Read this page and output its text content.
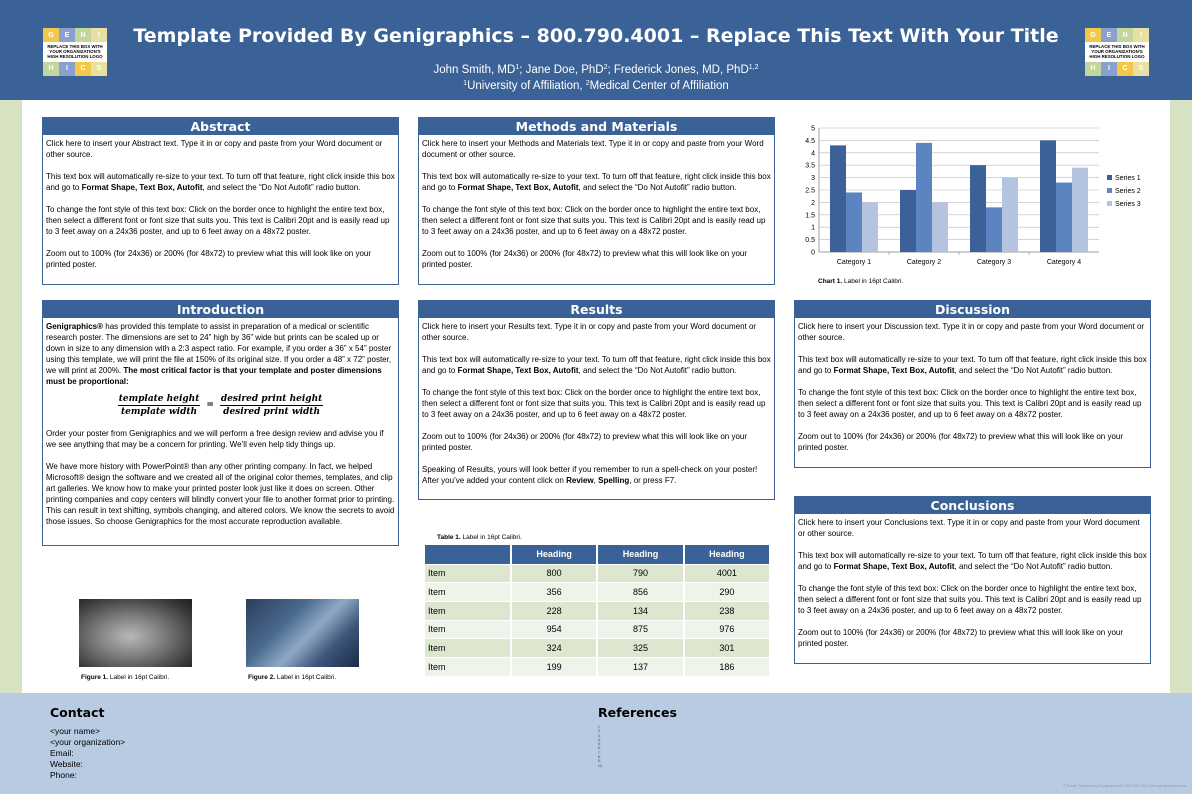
G	E	N	I
REPLACE THIS BOX WITH YOUR ORGANIZATION'S HIGH RESOLUTION LOGO
H	I	C	S
Template Provided By Genigraphics – 800.790.4001 – Replace This Text With Your Title
John Smith, $MD^1$; Jane Doe, PhD$^2$; Frederick Jones, MD, PhD$^{1,2}$
$^1$University of Affiliation, $^2$Medical Center of Affiliation
G	E	N	I
REPLACE THIS BOX WITH YOUR ORGANIZATION'S HIGH RESOLUTION LOGO
H	I	C	S
Abstract

Click here to insert your Abstract text. Type it in or copy and paste from your Word document or other source.

This text box will automatically re-size to your text. To turn off that feature, right click inside this box and go to Format Shape, Text Box, Autofit, and select the “Do Not Autofit” radio button.

To change the font style of this text box: Click on the border once to highlight the entire text box, then select a different font or font size that suits you. This text is Calibri 20pt and is easily read up to 3 feet away on a 24x36 poster, and up to 6 feet away on a 48x72 poster.

Zoom out to 100% (for 24x36) or 200% (for 48x72) to preview what this will look like on your printed poster.

Methods and Materials

Click here to insert your Methods and Materials text. Type it in or copy and paste from your Word document or other source.

This text box will automatically re-size to your text. To turn off that feature, right click inside this box and go to Format Shape, Text Box, Autofit, and select the “Do Not Autofit” radio button.

To change the font style of this text box: Click on the border once to highlight the entire text box, then select a different font or font size that suits you. This text is Calibri 20pt and is easily read up to 3 feet away on a 24x36 poster, and up to 6 feet away on a 48x72 poster.

Zoom out to 100% (for 24x36) or 200% (for 48x72) to preview what this will look like on your printed poster.

0
0.5
1
1.5
2
2.5
3
3.5
4
4.5
5
Category 1	Category 2	Category 3	Category 4
Series 1
Series 2
Series 3
Chart 1. Label in 16pt Calibri.
Introduction

Genigraphics® has provided this template to assist in preparation of a medical or scientific research poster. The dimensions are set to 24” high by 36” wide but prints can be scaled up or down in size to any dimension with a 2:3 aspect ratio. For example, if you order a 36” x 54” poster using this template, we will print the file at 150% of its original size. If you order a 48” x 72” poster, we will print at 200%. The most critical factor is that your template and poster dimensions must be proportional:

$\frac{\text{template height}}{\text{template width}} = \frac{\text{desired print height}}{\text{desired print width}}$

Order your poster from Genigraphics and we will perform a free design review and advise you if we see anything that may be a concern for printing. We’ll even help tidy things up.

We have more history with PowerPoint® than any other printing company. In fact, we helped Microsoft® design the software and we created all of the original color themes, templates, and clip art galleries. We know how to make your printed poster look just like it does on screen. Other printing companies and copy centers will blindly convert your file to another format prior to printing. This can result in text shifting, symbols changing, and altered colors. We know the secrets to avoid those issues. So choose Genigraphics for the most accurate reproduction available.

Results

Click here to insert your Results text. Type it in or copy and paste from your Word document or other source.

This text box will automatically re-size to your text. To turn off that feature, right click inside this box and go to Format Shape, Text Box, Autofit, and select the “Do Not Autofit” radio button.

To change the font style of this text box: Click on the border once to highlight the entire text box, then select a different font or font size that suits you. This text is Calibri 20pt and is easily read up to 3 feet away on a 24x36 poster, and up to 6 feet away on a 48x72 poster.

Zoom out to 100% (for 24x36) or 200% (for 48x72) to preview what this will look like on your printed poster.

Speaking of Results, yours will look better if you remember to run a spell-check on your poster! After you’ve added your content click on Review, Spelling, or press F7.

Discussion

Click here to insert your Discussion text. Type it in or copy and paste from your Word document or other source.

This text box will automatically re-size to your text. To turn off that feature, right click inside this box and go to Format Shape, Text Box, Autofit, and select the “Do Not Autofit” radio button.

To change the font style of this text box: Click on the border once to highlight the entire text box, then select a different font or font size that suits you. This text is Calibri 20pt and is easily read up to 3 feet away on a 24x36 poster, and up to 6 feet away on a 48x72 poster.

Zoom out to 100% (for 24x36) or 200% (for 48x72) to preview what this will look like on your printed poster.

Conclusions

Click here to insert your Conclusions text. Type it in or copy and paste from your Word document or other source.

This text box will automatically re-size to your text. To turn off that feature, right click inside this box and go to Format Shape, Text Box, Autofit, and select the “Do Not Autofit” radio button.

To change the font style of this text box: Click on the border once to highlight the entire text box, then select a different font or font size that suits you. This text is Calibri 20pt and is easily read up to 3 feet away on a 24x36 poster, and up to 6 feet away on a 48x72 poster.

Zoom out to 100% (for 24x36) or 200% (for 48x72) to preview what this will look like on your printed poster.

Figure 1. Label in 16pt Calibri.	Figure 2. Label in 16pt Calibri.
Table 1. Label in 16pt Calibri.
	Heading	Heading	Heading
Item	800	790	4001
Item	356	856	290
Item	228	134	238
Item	954	875	976
Item	324	325	301
Item	199	137	186
Contact
<your name>
<your organization>
Email:
Website:
Phone:
References
1.
2.
3.
4.
5.
6.
7.
8.
9.
10.
© Poster Template by Genigraphics® 1.800.790.4001 www.genigraphics.com
